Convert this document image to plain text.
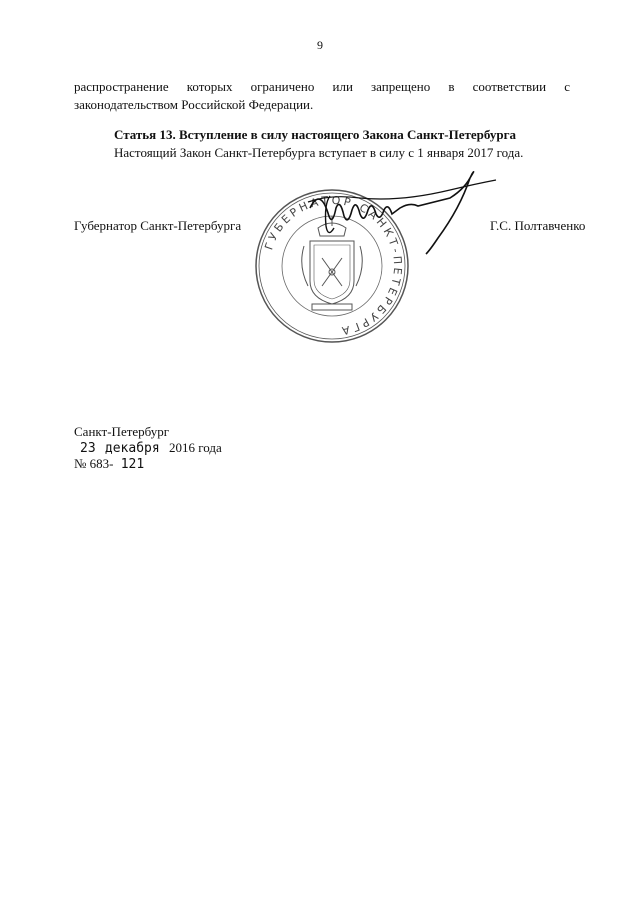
9
распространение которых ограничено или запрещено в соответствии с законодательством Российской Федерации.
Статья 13. Вступление в силу настоящего Закона Санкт-Петербурга
Настоящий Закон Санкт-Петербурга вступает в силу с 1 января 2017 года.
Губернатор Санкт-Петербурга
ГУБЕРНАТОР САНКТ-ПЕТЕРБУРГА
Г.С. Полтавченко
Санкт-Петербург
23 декабря 2016 года
№ 683- 121
